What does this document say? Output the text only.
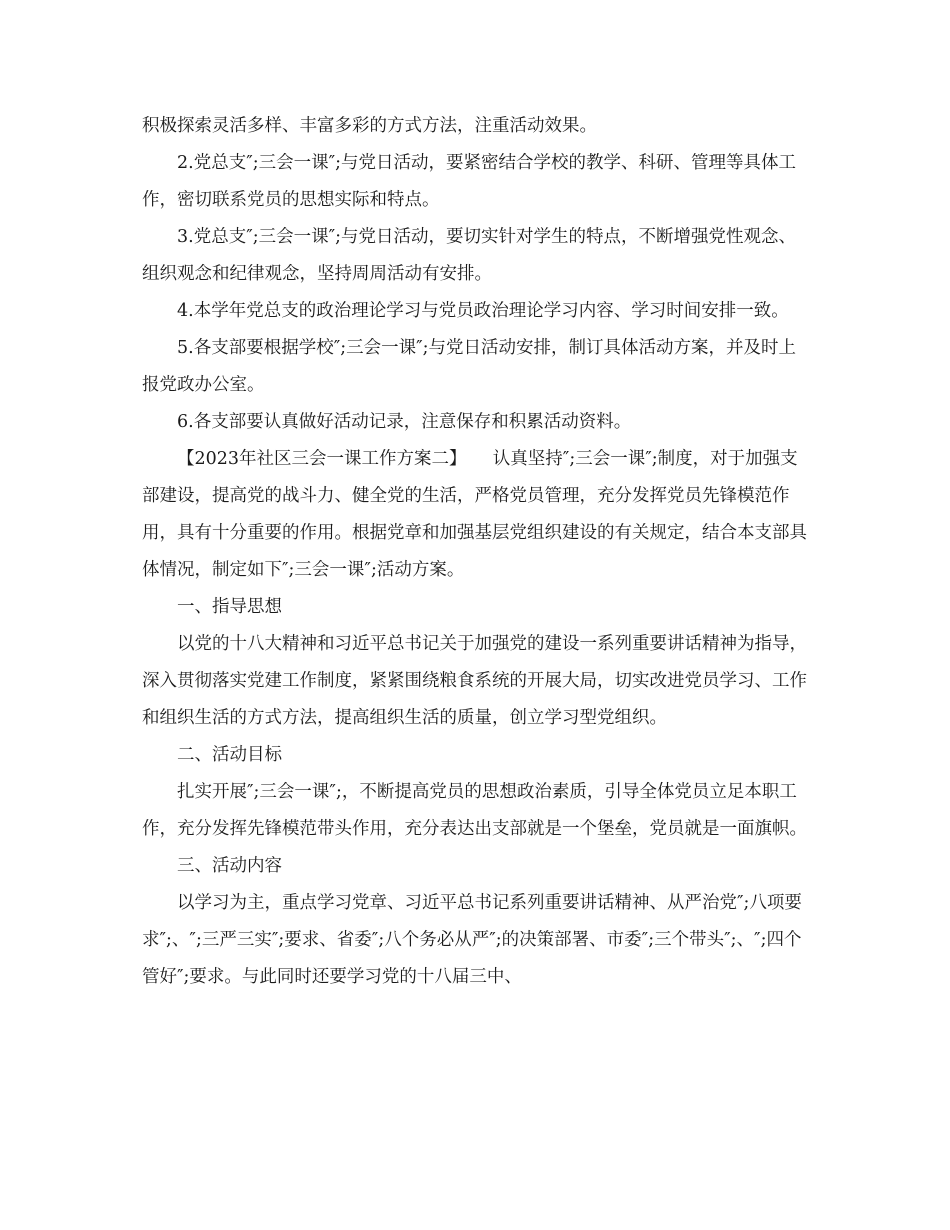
积极探索灵活多样、丰富多彩的方式方法，注重活动效果。

2.党总支″;三会一课″;与党日活动，要紧密结合学校的教学、科研、管理等具体工作，密切联系党员的思想实际和特点。

3.党总支″;三会一课″;与党日活动，要切实针对学生的特点，不断增强党性观念、组织观念和纪律观念，坚持周周活动有安排。

4.本学年党总支的政治理论学习与党员政治理论学习内容、学习时间安排一致。

5.各支部要根据学校″;三会一课″;与党日活动安排，制订具体活动方案，并及时上报党政办公室。

6.各支部要认真做好活动记录，注意保存和积累活动资料。

【2023年社区三会一课工作方案二】　　认真坚持″;三会一课″;制度，对于加强支部建设，提高党的战斗力、健全党的生活，严格党员管理，充分发挥党员先锋模范作用，具有十分重要的作用。根据党章和加强基层党组织建设的有关规定，结合本支部具体情况，制定如下″;三会一课″;活动方案。

一、指导思想

以党的十八大精神和习近平总书记关于加强党的建设一系列重要讲话精神为指导，深入贯彻落实党建工作制度，紧紧围绕粮食系统的开展大局，切实改进党员学习、工作和组织生活的方式方法，提高组织生活的质量，创立学习型党组织。

二、活动目标

扎实开展″;三会一课″;，不断提高党员的思想政治素质，引导全体党员立足本职工作，充分发挥先锋模范带头作用，充分表达出支部就是一个堡垒，党员就是一面旗帜。

三、活动内容

以学习为主，重点学习党章、习近平总书记系列重要讲话精神、从严治党″;八项要求″;、″;三严三实″;要求、省委″;八个务必从严″;的决策部署、市委″;三个带头″;、″;四个管好″;要求。与此同时还要学习党的十八届三中、
